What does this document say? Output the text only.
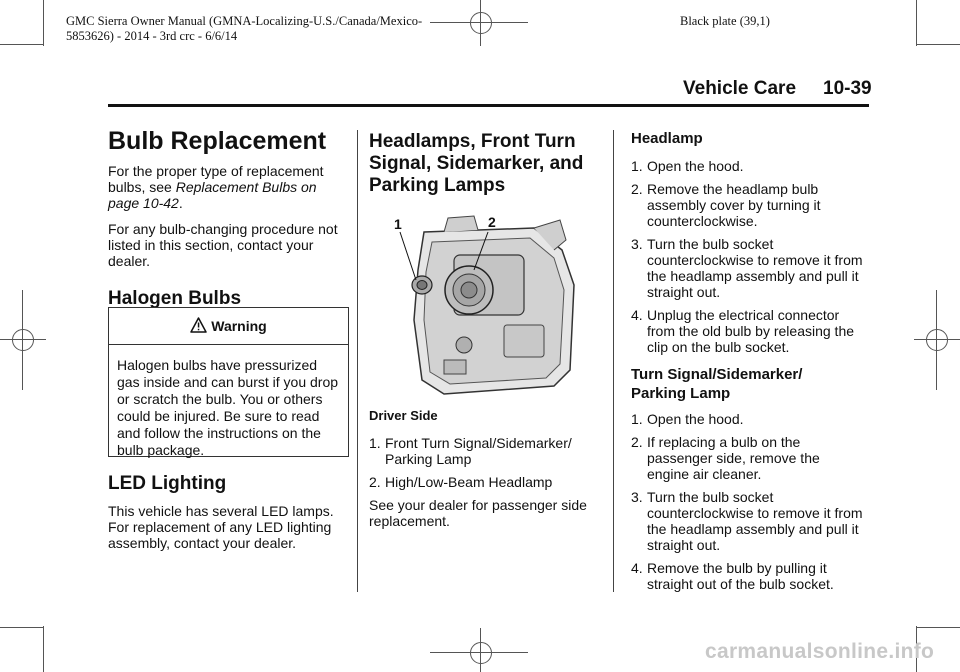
GMC Sierra Owner Manual (GMNA-Localizing-U.S./Canada/Mexico-
5853626) - 2014 - 3rd crc - 6/6/14
Black plate (39,1)
Vehicle Care 10-39
Bulb Replacement

For the proper type of replacement bulbs, see Replacement Bulbs on page 10-42.

For any bulb-changing procedure not listed in this section, contact your dealer.

Halogen Bulbs
Warning
Halogen bulbs have pressurized gas inside and can burst if you drop or scratch the bulb. You or others could be injured. Be sure to read and follow the instructions on the bulb package.
LED Lighting
This vehicle has several LED lamps. For replacement of any LED lighting assembly, contact your dealer.
Headlamps, Front Turn Signal, Sidemarker, and Parking Lamps
1	2
Driver Side
1. Front Turn Signal/Sidemarker/ Parking Lamp
2. High/Low-Beam Headlamp
See your dealer for passenger side replacement.
Headlamp
1. Open the hood.
2. Remove the headlamp bulb assembly cover by turning it counterclockwise.
3. Turn the bulb socket counterclockwise to remove it from the headlamp assembly and pull it straight out.
4. Unplug the electrical connector from the old bulb by releasing the clip on the bulb socket.
Turn Signal/Sidemarker/ Parking Lamp
1. Open the hood.
2. If replacing a bulb on the passenger side, remove the engine air cleaner.
3. Turn the bulb socket counterclockwise to remove it from the headlamp assembly and pull it straight out.
4. Remove the bulb by pulling it straight out of the bulb socket.
carmanualsonline.info
